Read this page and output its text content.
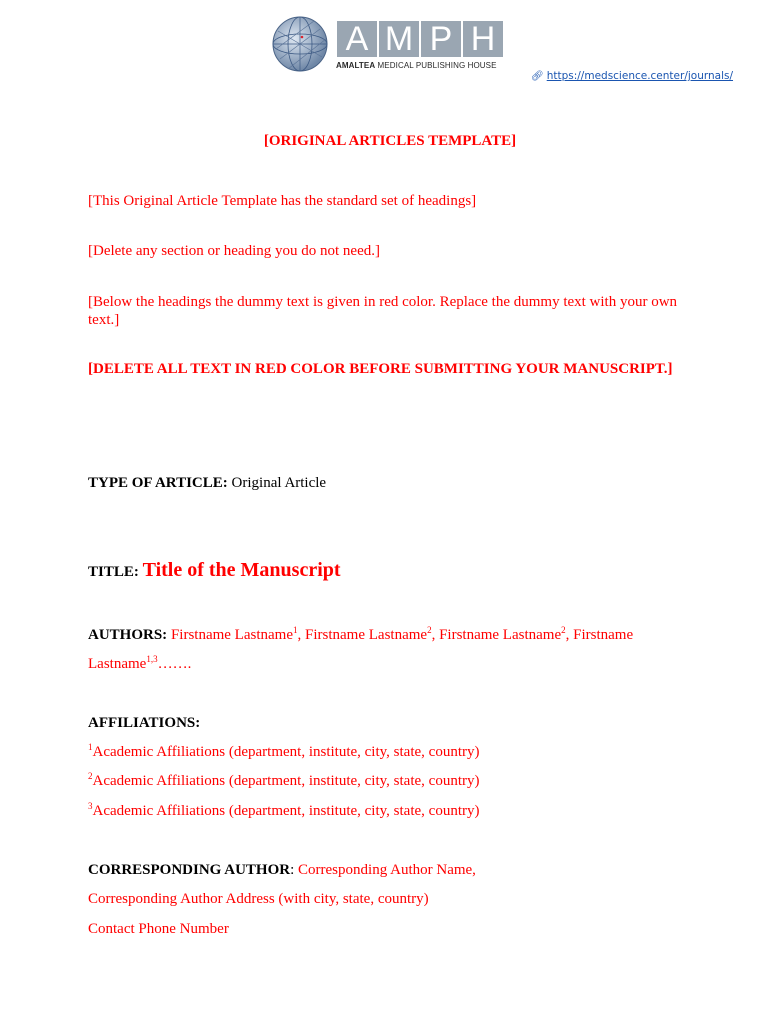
A M P H
AMALTEA MEDICAL PUBLISHING HOUSE
🔗︎ https://medscience.center/journals/
[ORIGINAL ARTICLES TEMPLATE]
[This Original Article Template has the standard set of headings]
[Delete any section or heading you do not need.]
[Below the headings the dummy text is given in red color. Replace the dummy text with your own text.]
[DELETE ALL TEXT IN RED COLOR BEFORE SUBMITTING YOUR MANUSCRIPT.]
TYPE OF ARTICLE: Original Article
TITLE: Title of the Manuscript
AUTHORS: Firstname Lastname$^1$, Firstname Lastname$^2$, Firstname Lastname$^2$, Firstname
Lastname$^{1,3}$…….
AFFILIATIONS:
$^1$Academic Affiliations (department, institute, city, state, country)
$^2$Academic Affiliations (department, institute, city, state, country)
$^3$Academic Affiliations (department, institute, city, state, country)
CORRESPONDING AUTHOR: Corresponding Author Name,
Corresponding Author Address (with city, state, country)
Contact Phone Number
